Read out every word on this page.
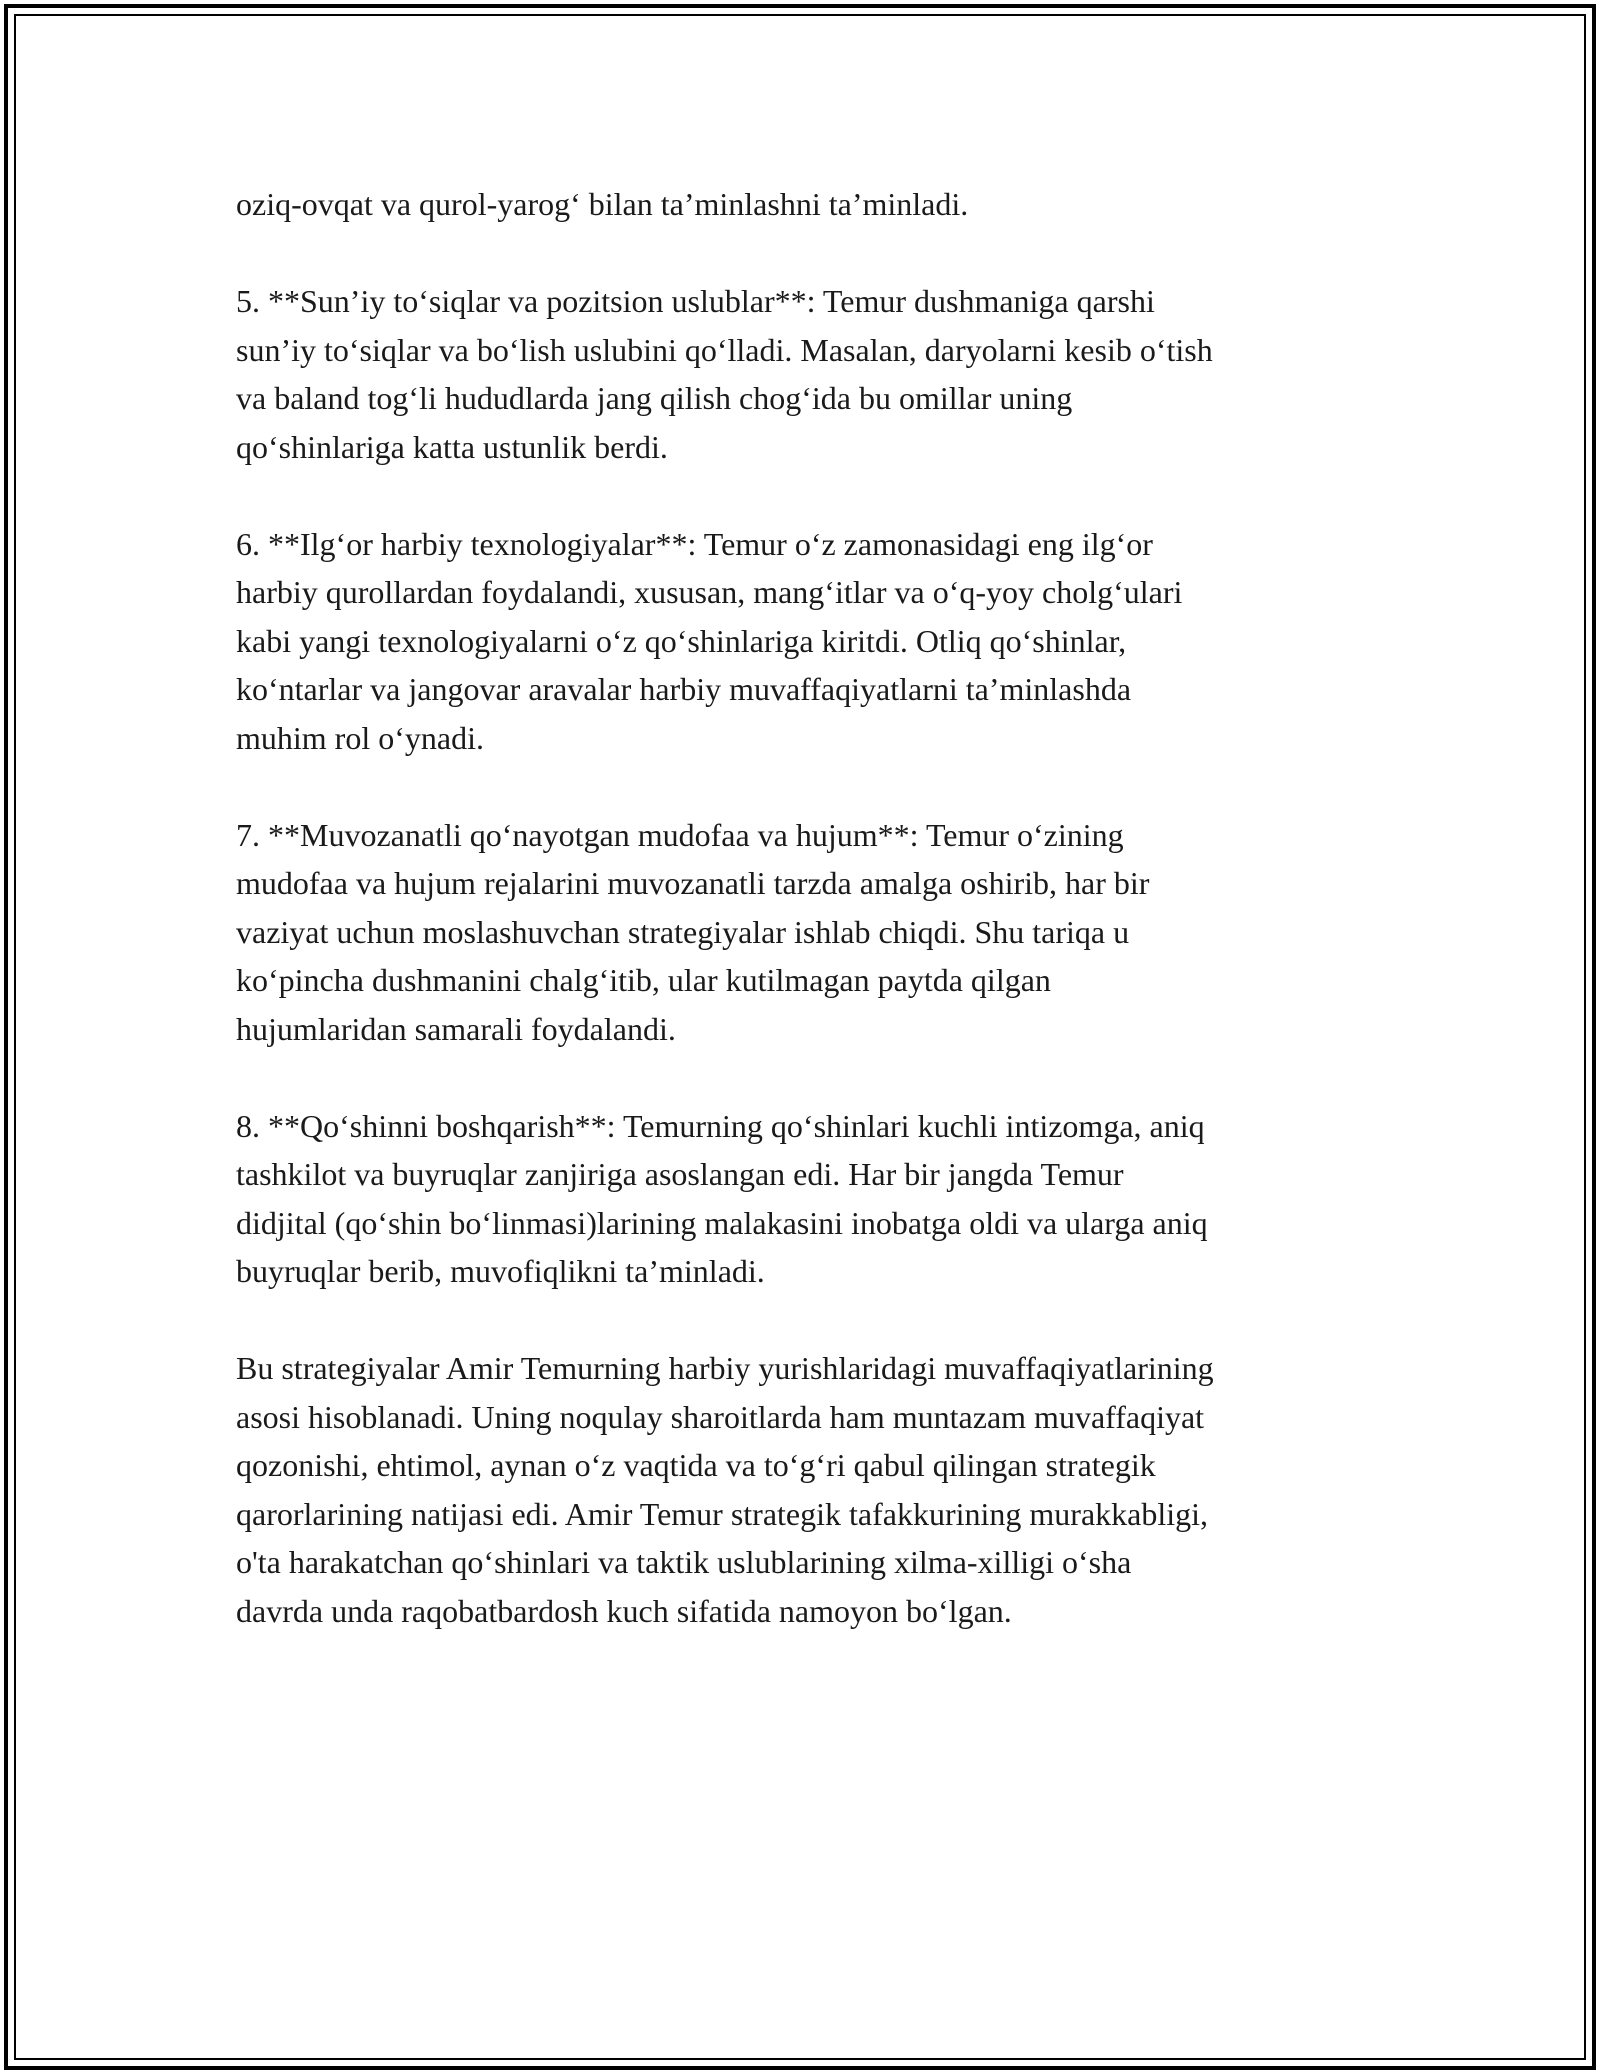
oziq-ovqat va qurol-yarog‘ bilan ta’minlashni ta’minladi.

5. **Sun’iy to‘siqlar va pozitsion uslublar**: Temur dushmaniga qarshi
sun’iy to‘siqlar va bo‘lish uslubini qo‘lladi. Masalan, daryolarni kesib o‘tish
va baland tog‘li hududlarda jang qilish chog‘ida bu omillar uning
qo‘shinlariga katta ustunlik berdi.

6. **Ilg‘or harbiy texnologiyalar**: Temur o‘z zamonasidagi eng ilg‘or
harbiy qurollardan foydalandi, xususan, mang‘itlar va o‘q-yoy cholg‘ulari
kabi yangi texnologiyalarni o‘z qo‘shinlariga kiritdi. Otliq qo‘shinlar,
ko‘ntarlar va jangovar aravalar harbiy muvaffaqiyatlarni ta’minlashda
muhim rol o‘ynadi.

7. **Muvozanatli qo‘nayotgan mudofaa va hujum**: Temur o‘zining
mudofaa va hujum rejalarini muvozanatli tarzda amalga oshirib, har bir
vaziyat uchun moslashuvchan strategiyalar ishlab chiqdi. Shu tariqa u
ko‘pincha dushmanini chalg‘itib, ular kutilmagan paytda qilgan
hujumlaridan samarali foydalandi.

8. **Qo‘shinni boshqarish**: Temurning qo‘shinlari kuchli intizomga, aniq
tashkilot va buyruqlar zanjiriga asoslangan edi. Har bir jangda Temur
didjital (qo‘shin bo‘linmasi)larining malakasini inobatga oldi va ularga aniq
buyruqlar berib, muvofiqlikni ta’minladi.

Bu strategiyalar Amir Temurning harbiy yurishlaridagi muvaffaqiyatlarining
asosi hisoblanadi. Uning noqulay sharoitlarda ham muntazam muvaffaqiyat
qozonishi, ehtimol, aynan o‘z vaqtida va to‘g‘ri qabul qilingan strategik
qarorlarining natijasi edi. Amir Temur strategik tafakkurining murakkabligi,
o'ta harakatchan qo‘shinlari va taktik uslublarining xilma-xilligi o‘sha
davrda unda raqobatbardosh kuch sifatida namoyon bo‘lgan.
